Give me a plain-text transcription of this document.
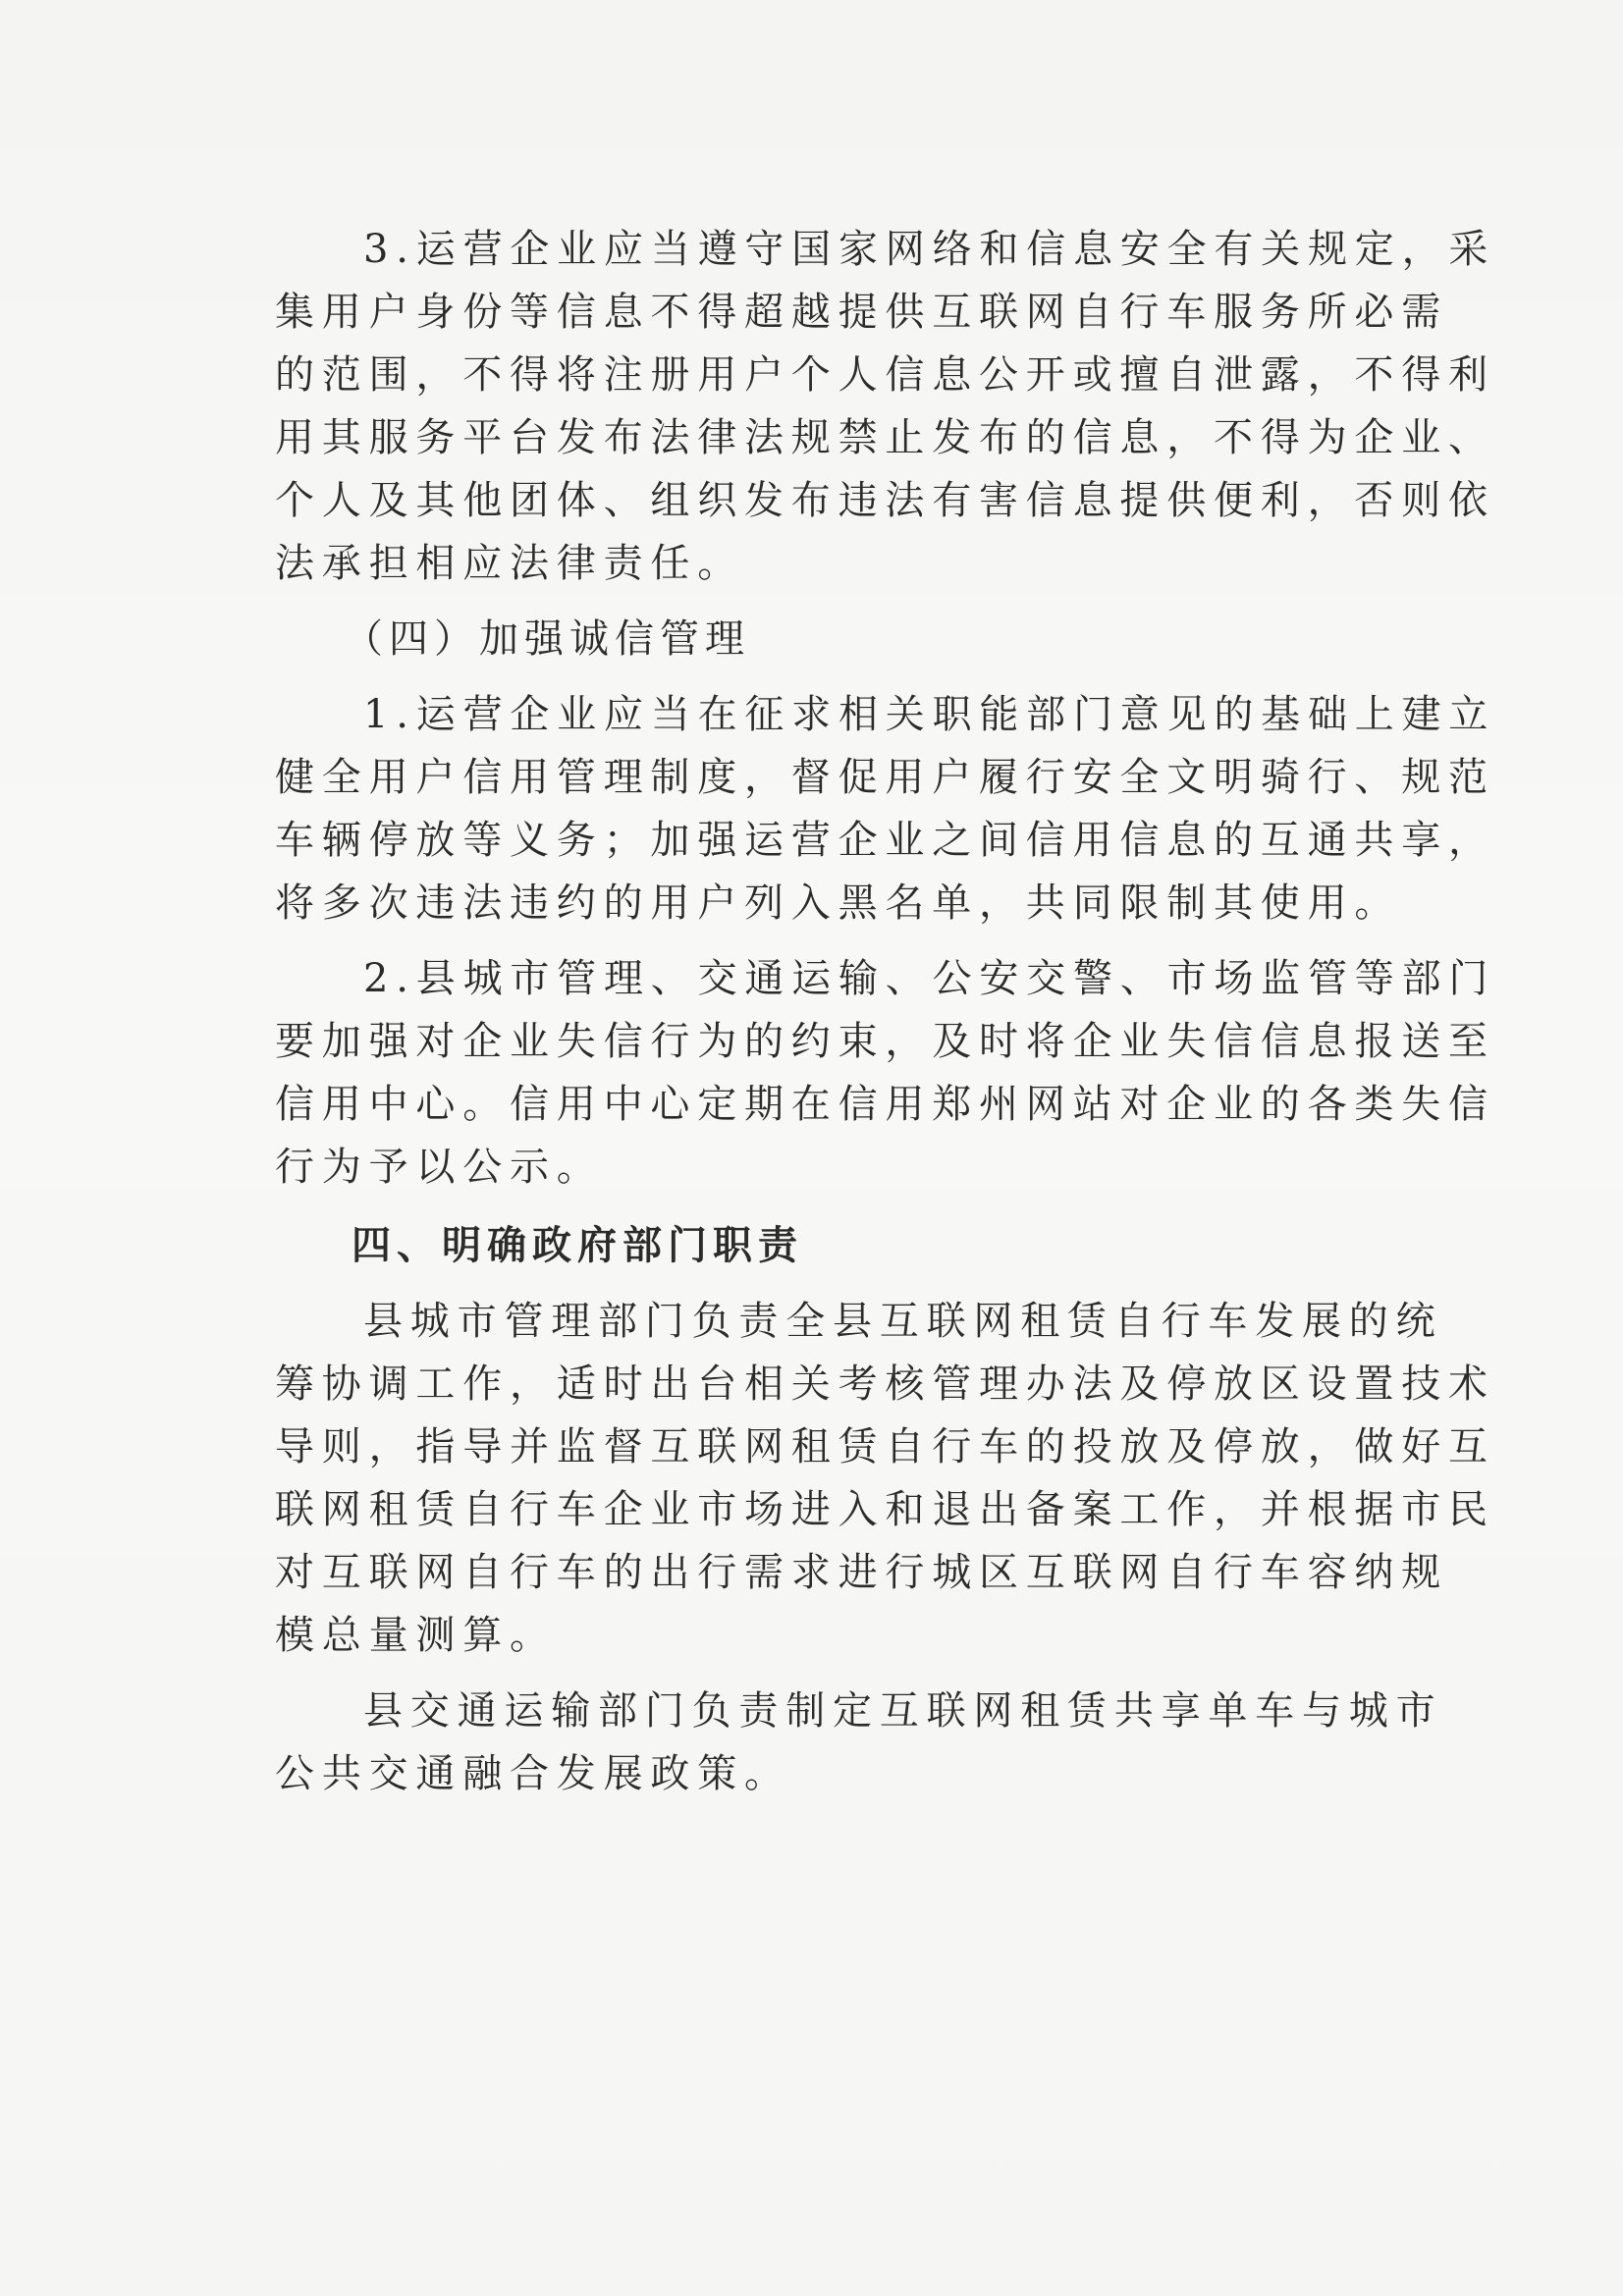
3.运营企业应当遵守国家网络和信息安全有关规定，采
集用户身份等信息不得超越提供互联网自行车服务所必需
的范围，不得将注册用户个人信息公开或擅自泄露，不得利
用其服务平台发布法律法规禁止发布的信息，不得为企业、
个人及其他团体、组织发布违法有害信息提供便利，否则依
法承担相应法律责任。
（四）加强诚信管理
1.运营企业应当在征求相关职能部门意见的基础上建立
健全用户信用管理制度，督促用户履行安全文明骑行、规范
车辆停放等义务；加强运营企业之间信用信息的互通共享，
将多次违法违约的用户列入黑名单，共同限制其使用。
2.县城市管理、交通运输、公安交警、市场监管等部门
要加强对企业失信行为的约束，及时将企业失信信息报送至
信用中心。信用中心定期在信用郑州网站对企业的各类失信
行为予以公示。
四、明确政府部门职责
县城市管理部门负责全县互联网租赁自行车发展的统
筹协调工作，适时出台相关考核管理办法及停放区设置技术
导则，指导并监督互联网租赁自行车的投放及停放，做好互
联网租赁自行车企业市场进入和退出备案工作，并根据市民
对互联网自行车的出行需求进行城区互联网自行车容纳规
模总量测算。
县交通运输部门负责制定互联网租赁共享单车与城市
公共交通融合发展政策。
